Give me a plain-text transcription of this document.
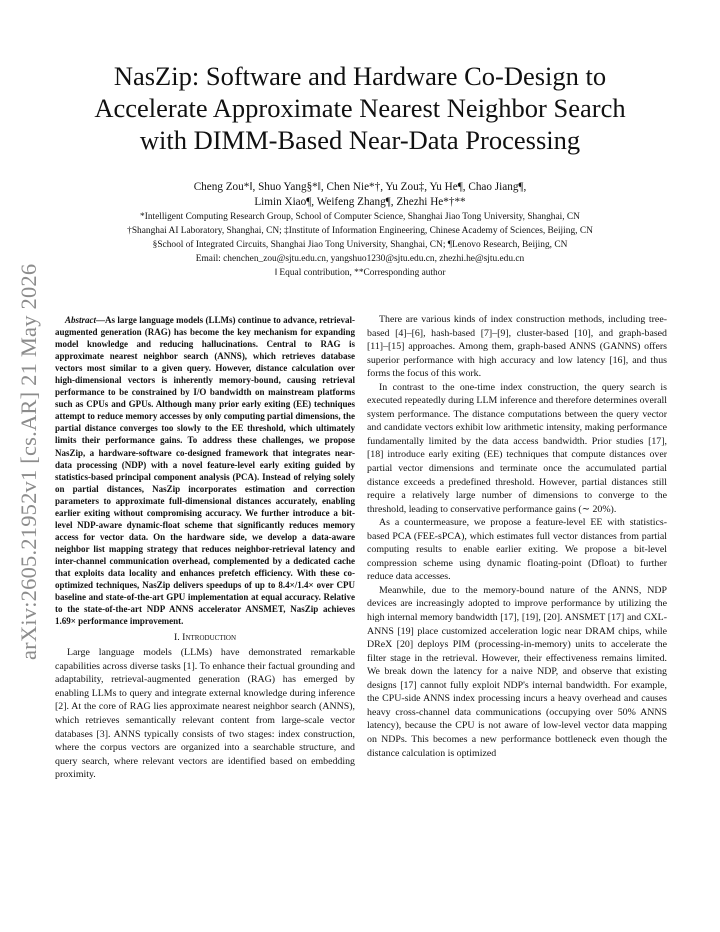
arXiv:2605.21952v1 [cs.AR] 21 May 2026
NasZip: Software and Hardware Co-Design to
Accelerate Approximate Nearest Neighbor Search
with DIMM-Based Near-Data Processing
Cheng Zou*‖, Shuo Yang§*‖, Chen Nie*†, Yu Zou‡, Yu He¶, Chao Jiang¶,
Limin Xiao¶, Weifeng Zhang¶, Zhezhi He*†**
*Intelligent Computing Research Group, School of Computer Science, Shanghai Jiao Tong University, Shanghai, CN
†Shanghai AI Laboratory, Shanghai, CN; ‡Institute of Information Engineering, Chinese Academy of Sciences, Beijing, CN
§School of Integrated Circuits, Shanghai Jiao Tong University, Shanghai, CN; ¶Lenovo Research, Beijing, CN
Email: chenchen_zou@sjtu.edu.cn, yangshuo1230@sjtu.edu.cn, zhezhi.he@sjtu.edu.cn
‖ Equal contribution, **Corresponding author

Abstract—As large language models (LLMs) continue to advance, retrieval-augmented generation (RAG) has become the key mechanism for expanding model knowledge and reducing hallucinations. Central to RAG is approximate nearest neighbor search (ANNS), which retrieves database vectors most similar to a given query. However, distance calculation over high-dimensional vectors is inherently memory-bound, causing retrieval performance to be constrained by I/O bandwidth on mainstream platforms such as CPUs and GPUs. Although many prior early exiting (EE) techniques attempt to reduce memory accesses by only computing partial dimensions, the partial distance converges too slowly to the EE threshold, which ultimately limits their performance gains. To address these challenges, we propose NasZip, a hardware-software co-designed framework that integrates near-data processing (NDP) with a novel feature-level early exiting guided by statistics-based principal component analysis (PCA). Instead of relying solely on partial distances, NasZip incorporates estimation and correction parameters to approximate full-dimensional distances accurately, enabling earlier exiting without compromising accuracy. We further introduce a bit-level NDP-aware dynamic-float scheme that significantly reduces memory access for vector data. On the hardware side, we develop a data-aware neighbor list mapping strategy that reduces neighbor-retrieval latency and inter-channel communication overhead, complemented by a dedicated cache that exploits data locality and enhances prefetch efficiency. With these co-optimized techniques, NasZip delivers speedups of up to 8.4×/1.4× over CPU baseline and state-of-the-art GPU implementation at equal accuracy. Relative to the state-of-the-art NDP ANNS accelerator ANSMET, NasZip achieves 1.69× performance improvement.

I. Introduction

Large language models (LLMs) have demonstrated remarkable capabilities across diverse tasks [1]. To enhance their factual grounding and adaptability, retrieval-augmented generation (RAG) has emerged by enabling LLMs to query and integrate external knowledge during inference [2]. At the core of RAG lies approximate nearest neighbor search (ANNS), which retrieves semantically relevant content from large-scale vector databases [3]. ANNS typically consists of two stages: index construction, where the corpus vectors are organized into a searchable structure, and query search, where relevant vectors are identified based on embedding proximity.

There are various kinds of index construction methods, including tree-based [4]–[6], hash-based [7]–[9], cluster-based [10], and graph-based [11]–[15] approaches. Among them, graph-based ANNS (GANNS) offers superior performance with high accuracy and low latency [16], and thus forms the focus of this work.

In contrast to the one-time index construction, the query search is executed repeatedly during LLM inference and therefore determines overall system performance. The distance computations between the query vector and candidate vectors exhibit low arithmetic intensity, making performance fundamentally limited by the data access bandwidth. Prior studies [17], [18] introduce early exiting (EE) techniques that compute distances over partial vector dimensions and terminate once the accumulated partial distance exceeds a predefined threshold. However, partial distances still require a relatively large number of dimensions to converge to the threshold, leading to conservative performance gains (∼ 20%).

As a countermeasure, we propose a feature-level EE with statistics-based PCA (FEE-sPCA), which estimates full vector distances from partial computing results to enable earlier exiting. We propose a bit-level compression scheme using dynamic floating-point (Dfloat) to further reduce data accesses.

Meanwhile, due to the memory-bound nature of the ANNS, NDP devices are increasingly adopted to improve performance by utilizing the high internal memory bandwidth [17], [19], [20]. ANSMET [17] and CXL-ANNS [19] place customized acceleration logic near DRAM chips, while DReX [20] deploys PIM (processing-in-memory) units to accelerate the filter stage in the retrieval. However, their effectiveness remains limited. We break down the latency for a naive NDP, and observe that existing designs [17] cannot fully exploit NDP's internal bandwidth. For example, the CPU-side ANNS index processing incurs a heavy overhead and causes heavy cross-channel data communications (occupying over 50% ANNS latency), because the CPU is not aware of low-level vector data mapping on NDPs. This becomes a new performance bottleneck even though the distance calculation is optimized
